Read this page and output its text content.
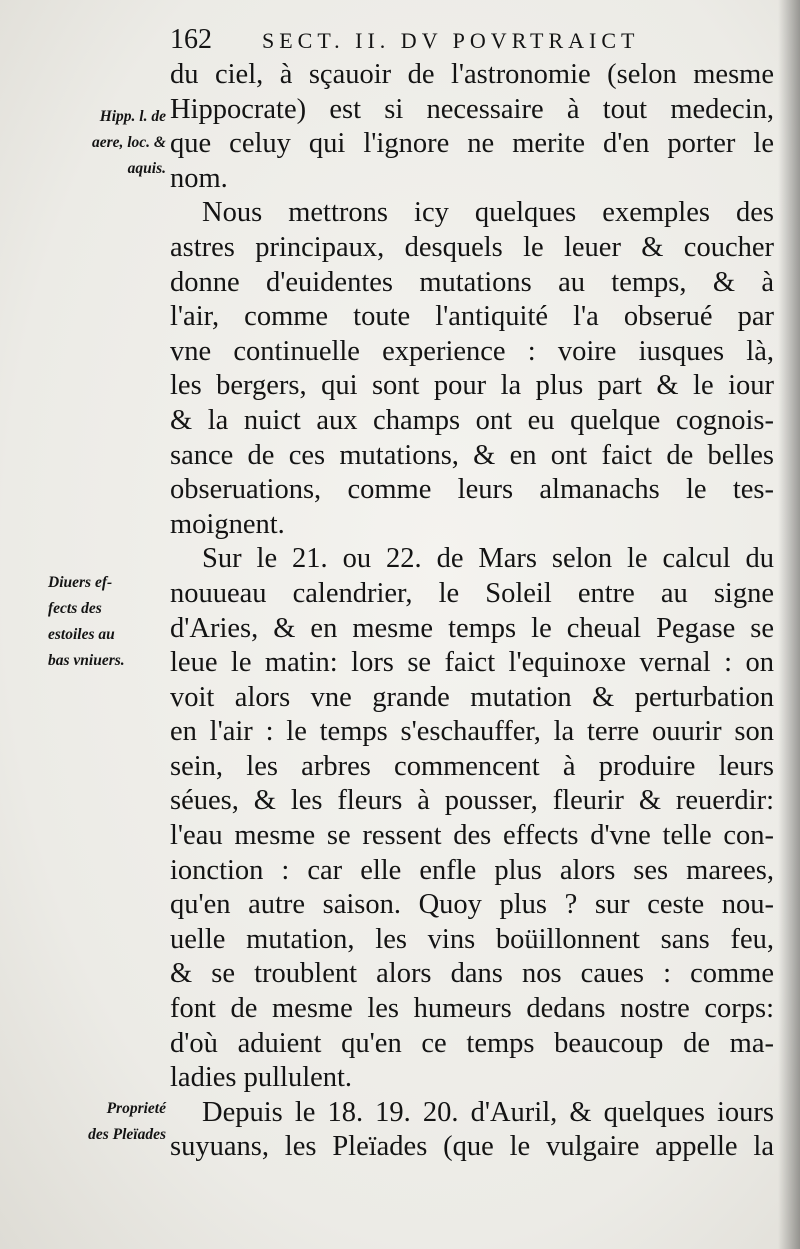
162 SECT. II. DV POVRTRAICT
Hipp. l. de
aere, loc. &
aquis.
Diuers ef-
fects des
estoiles au
bas vniuers.
Proprieté
des Pleïades
du ciel, à sçauoir de l'astronomie (selon mesme
Hippocrate) est si necessaire à tout medecin,
que celuy qui l'ignore ne merite d'en porter le
nom.
Nous mettrons icy quelques exemples des
astres principaux, desquels le leuer & coucher
donne d'euidentes mutations au temps, & à
l'air, comme toute l'antiquité l'a obserué par
vne continuelle experience : voire iusques là,
les bergers, qui sont pour la plus part & le iour
& la nuict aux champs ont eu quelque cognois-
sance de ces mutations, & en ont faict de belles
obseruations, comme leurs almanachs le tes-
moignent.
Sur le 21. ou 22. de Mars selon le calcul du
nouueau calendrier, le Soleil entre au signe
d'Aries, & en mesme temps le cheual Pegase se
leue le matin: lors se faict l'equinoxe vernal : on
voit alors vne grande mutation & perturbation
en l'air : le temps s'eschauffer, la terre ouurir son
sein, les arbres commencent à produire leurs
séues, & les fleurs à pousser, fleurir & reuerdir:
l'eau mesme se ressent des effects d'vne telle con-
ionction : car elle enfle plus alors ses marees,
qu'en autre saison. Quoy plus ? sur ceste nou-
uelle mutation, les vins boüillonnent sans feu,
& se troublent alors dans nos caues : comme
font de mesme les humeurs dedans nostre corps:
d'où aduient qu'en ce temps beaucoup de ma-
ladies pullulent.
Depuis le 18. 19. 20. d'Auril, & quelques iours
suyuans, les Pleïades (que le vulgaire appelle la
